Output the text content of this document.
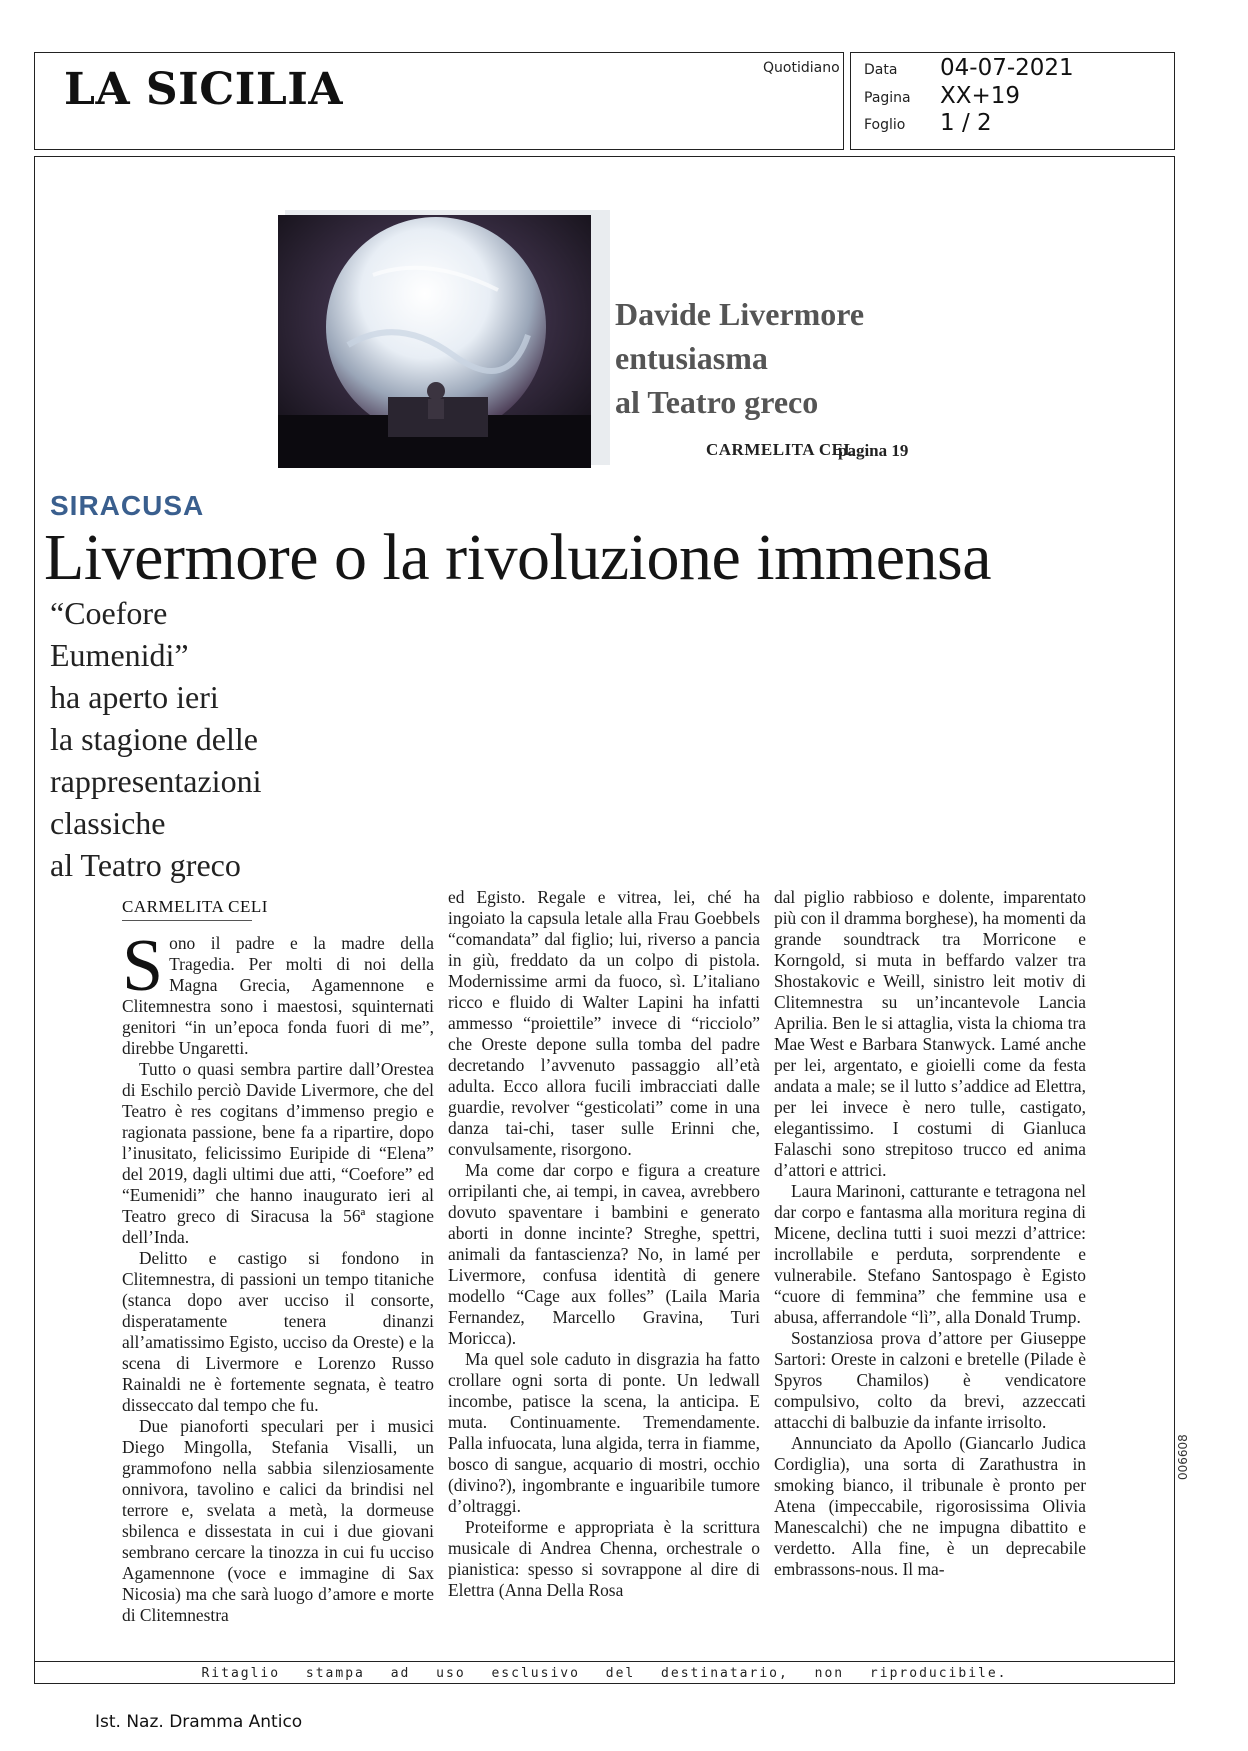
LA SICILIA	Quotidiano Data 04-07-2021
Pagina XX+19
Foglio 1 / 2
Davide Livermore
entusiasma
al Teatro greco
CARMELITA CEL
pagina 19
SIRACUSA
Livermore o la rivoluzione immensa
“Coefore
Eumenidi”
ha aperto ieri
la stagione delle
rappresentazioni
classiche
al Teatro greco
CARMELITA CELI

Sono il padre e la madre della Tragedia. Per molti di noi della Magna Grecia, Agamennone e Clitemnestra sono i maestosi, squinternati genitori “in un’epoca fonda fuori di me”, direbbe Ungaretti.

Tutto o quasi sembra partire dall’Orestea di Eschilo perciò Davide Livermore, che del Teatro è res cogitans d’immenso pregio e ragionata passione, bene fa a ripartire, dopo l’inusitato, felicissimo Euripide di “Elena” del 2019, dagli ultimi due atti, “Coefore” ed “Eumenidi” che hanno inaugurato ieri al Teatro greco di Siracusa la 56ª stagione dell’Inda.

Delitto e castigo si fondono in Clitemnestra, di passioni un tempo titaniche (stanca dopo aver ucciso il consorte, disperatamente tenera dinanzi all’amatissimo Egisto, ucciso da Oreste) e la scena di Livermore e Lorenzo Russo Rainaldi ne è fortemente segnata, è teatro disseccato dal tempo che fu.

Due pianoforti speculari per i musici Diego Mingolla, Stefania Visalli, un grammofono nella sabbia silenziosamente onnivora, tavolino e calici da brindisi nel terrore e, svelata a metà, la dormeuse sbilenca e dissestata in cui i due giovani sembrano cercare la tinozza in cui fu ucciso Agamennone (voce e immagine di Sax Nicosia) ma che sarà luogo d’amore e morte di Clitemnestra

ed Egisto. Regale e vitrea, lei, ché ha ingoiato la capsula letale alla Frau Goebbels “comandata” dal figlio; lui, riverso a pancia in giù, freddato da un colpo di pistola. Modernissime armi da fuoco, sì. L’italiano ricco e fluido di Walter Lapini ha infatti ammesso “proiettile” invece di “ricciolo” che Oreste depone sulla tomba del padre decretando l’avvenuto passaggio all’età adulta. Ecco allora fucili imbracciati dalle guardie, revolver “gesticolati” come in una danza tai-chi, taser sulle Erinni che, convulsamente, risorgono.

Ma come dar corpo e figura a creature orripilanti che, ai tempi, in cavea, avrebbero dovuto spaventare i bambini e generato aborti in donne incinte? Streghe, spettri, animali da fantascienza? No, in lamé per Livermore, confusa identità di genere modello “Cage aux folles” (Laila Maria Fernandez, Marcello Gravina, Turi Moricca).

Ma quel sole caduto in disgrazia ha fatto crollare ogni sorta di ponte. Un ledwall incombe, patisce la scena, la anticipa. E muta. Continuamente. Tremendamente. Palla infuocata, luna algida, terra in fiamme, bosco di sangue, acquario di mostri, occhio (divino?), ingombrante e inguaribile tumore d’oltraggi.

Proteiforme e appropriata è la scrittura musicale di Andrea Chenna, orchestrale o pianistica: spesso si sovrappone al dire di Elettra (Anna Della Rosa

dal piglio rabbioso e dolente, imparentato più con il dramma borghese), ha momenti da grande soundtrack tra Morricone e Korngold, si muta in beffardo valzer tra Shostakovic e Weill, sinistro leit motiv di Clitemnestra su un’incantevole Lancia Aprilia. Ben le si attaglia, vista la chioma tra Mae West e Barbara Stanwyck. Lamé anche per lei, argentato, e gioielli come da festa andata a male; se il lutto s’addice ad Elettra, per lei invece è nero tulle, castigato, elegantissimo. I costumi di Gianluca Falaschi sono strepitoso trucco ed anima d’attori e attrici.

Laura Marinoni, catturante e tetragona nel dar corpo e fantasma alla moritura regina di Micene, declina tutti i suoi mezzi d’attrice: incrollabile e perduta, sorprendente e vulnerabile. Stefano Santospago è Egisto “cuore di femmina” che femmine usa e abusa, afferrandole “lì”, alla Donald Trump.

Sostanziosa prova d’attore per Giuseppe Sartori: Oreste in calzoni e bretelle (Pilade è Spyros Chamilos) è vendicatore compulsivo, colto da brevi, azzeccati attacchi di balbuzie da infante irrisolto.

Annunciato da Apollo (Giancarlo Judica Cordiglia), una sorta di Zarathustra in smoking bianco, il tribunale è pronto per Atena (impeccabile, rigorosissima Olivia Manescalchi) che ne impugna dibattito e verdetto. Alla fine, è un deprecabile embrassons-nous. Il ma-

006608
Ritaglio stampa ad uso esclusivo del destinatario, non riproducibile.
Ist. Naz. Dramma Antico
